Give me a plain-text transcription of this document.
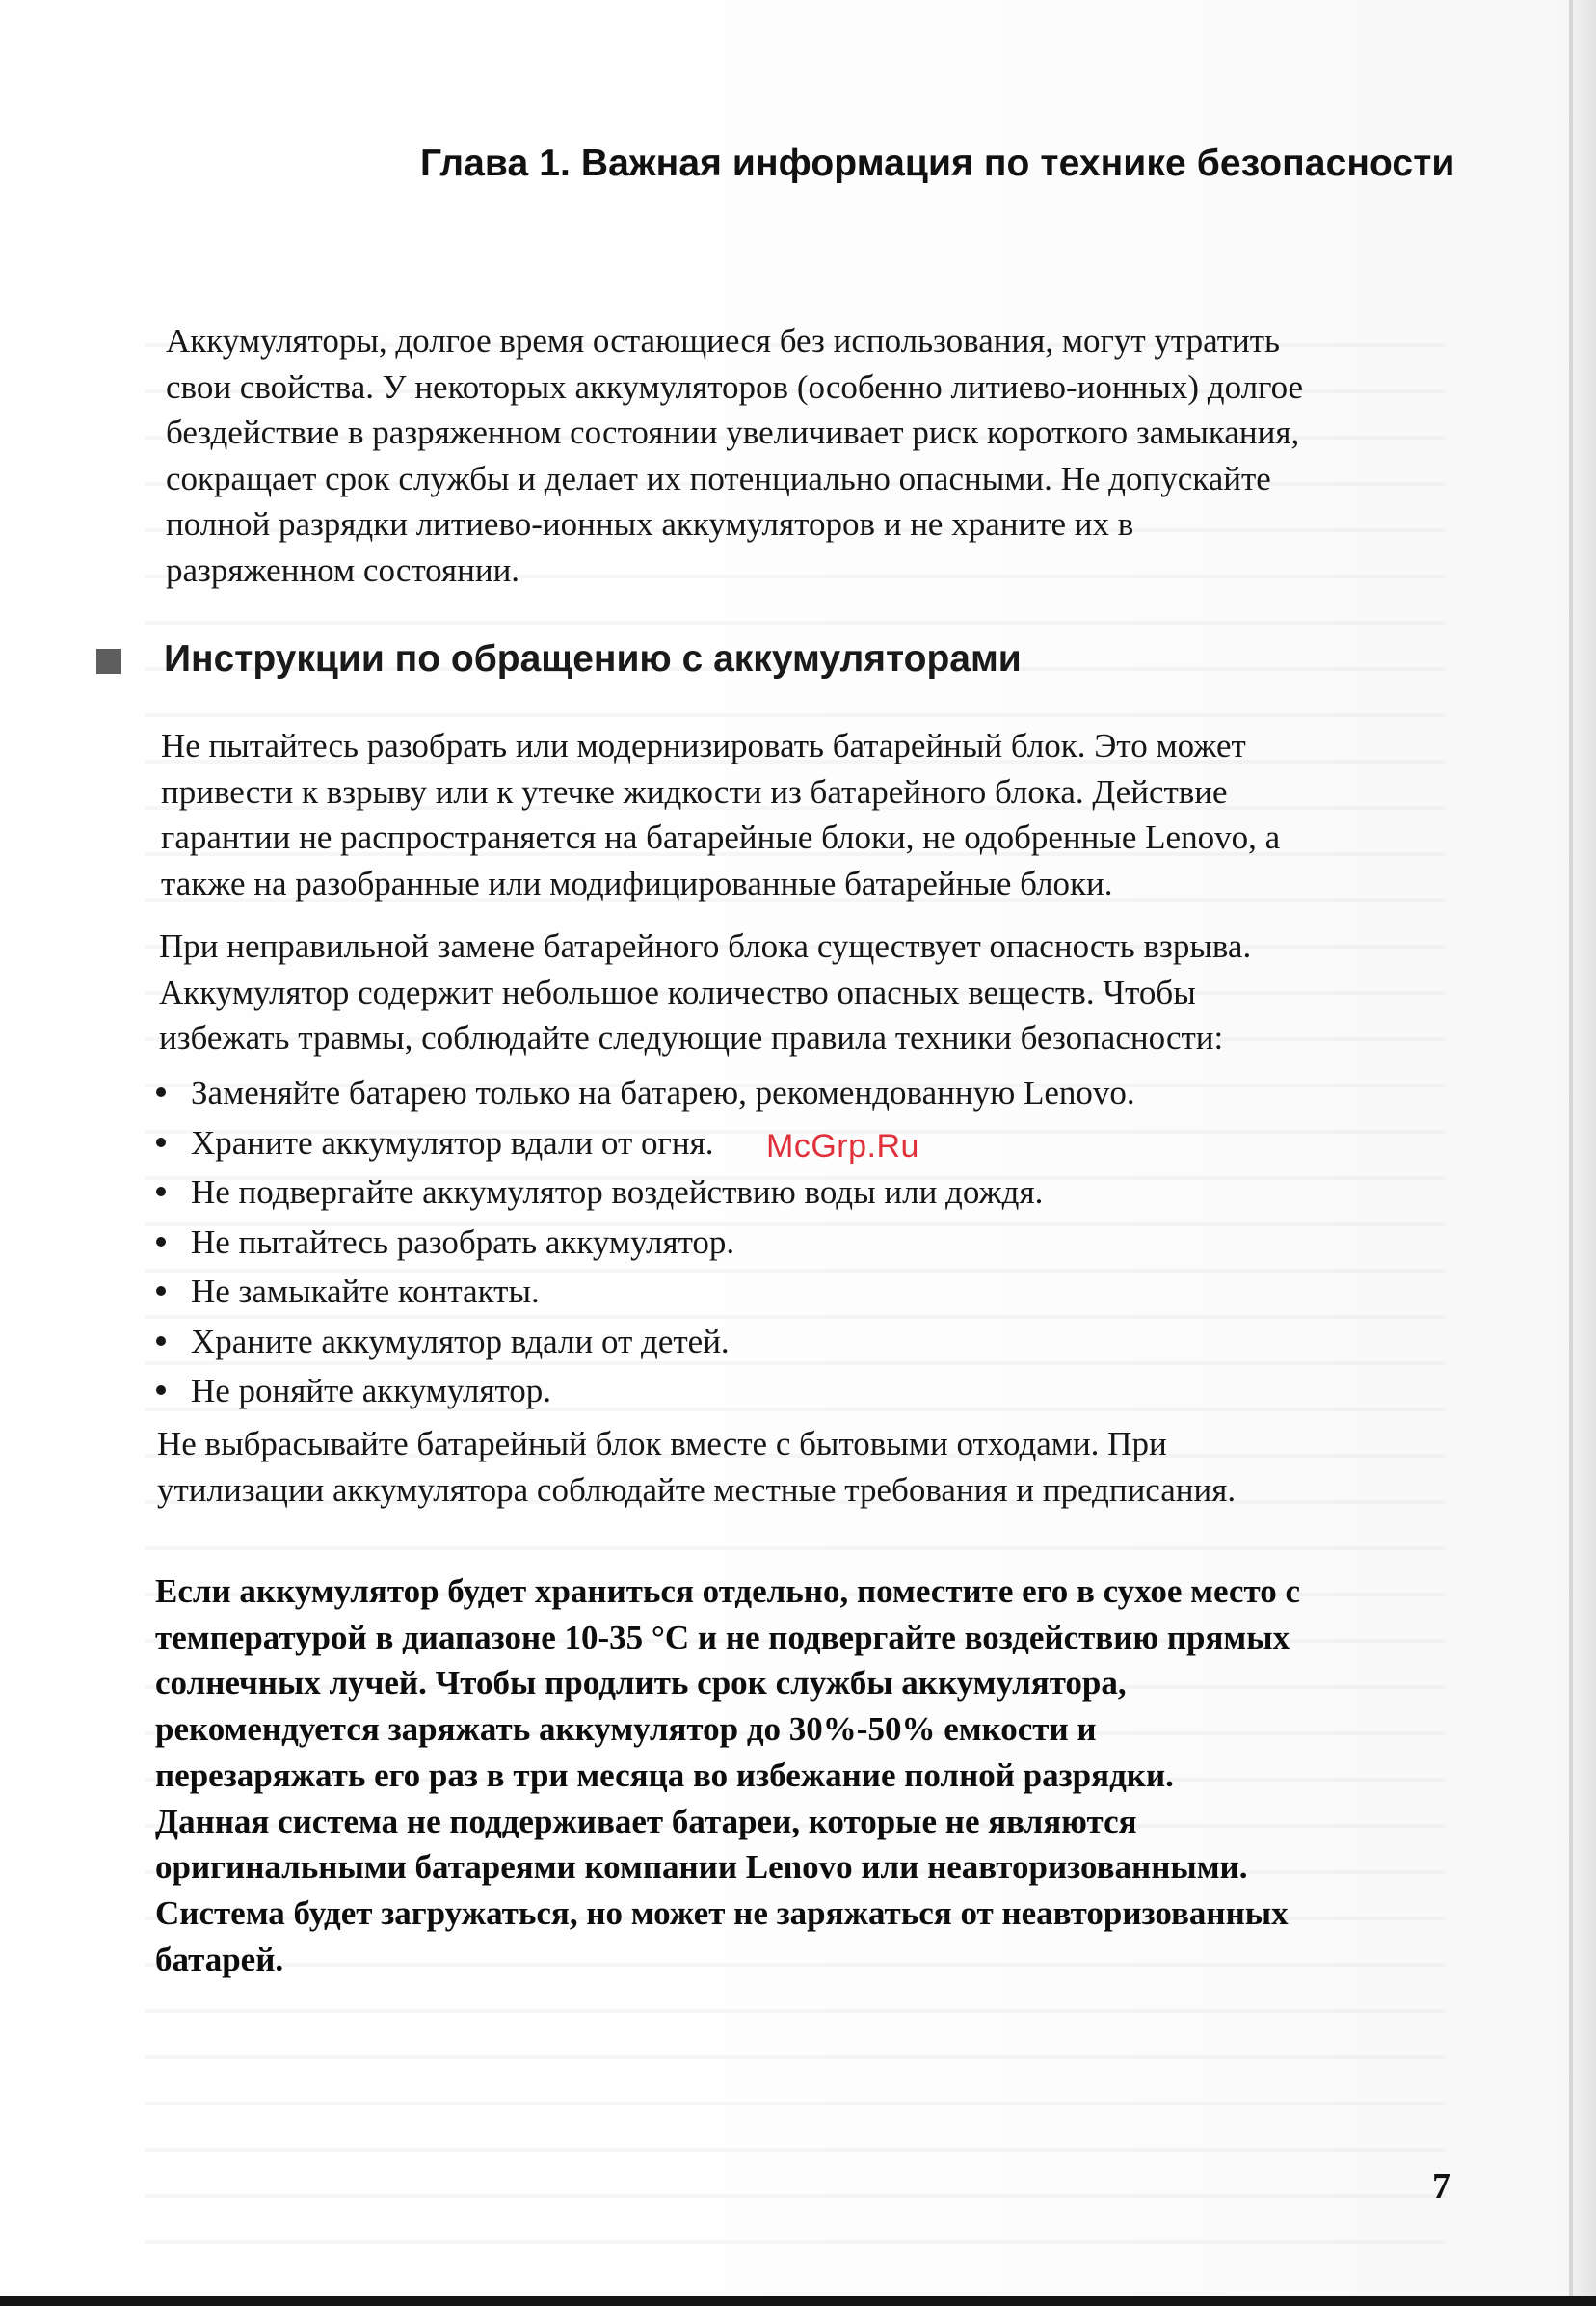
Глава 1. Важная информация по технике безопасности

Аккумуляторы, долгое время остающиеся без использования, могут утратить
свои свойства. У некоторых аккумуляторов (особенно литиево-ионных) долгое
бездействие в разряженном состоянии увеличивает риск короткого замыкания,
сокращает срок службы и делает их потенциально опасными. Не допускайте
полной разрядки литиево-ионных аккумуляторов и не храните их в
разряженном состоянии.

Инструкции по обращению с аккумуляторами

Не пытайтесь разобрать или модернизировать батарейный блок. Это может
привести к взрыву или к утечке жидкости из батарейного блока. Действие
гарантии не распространяется на батарейные блоки, не одобренные Lenovo, а
также на разобранные или модифицированные батарейные блоки.

При неправильной замене батарейного блока существует опасность взрыва.
Аккумулятор содержит небольшое количество опасных веществ. Чтобы
избежать травмы, соблюдайте следующие правила техники безопасности:

Заменяйте батарею только на батарею, рекомендованную Lenovo.
Храните аккумулятор вдали от огня.
Не подвергайте аккумулятор воздействию воды или дождя.
Не пытайтесь разобрать аккумулятор.
Не замыкайте контакты.
Храните аккумулятор вдали от детей.
Не роняйте аккумулятор.

Не выбрасывайте батарейный блок вместе с бытовыми отходами. При
утилизации аккумулятора соблюдайте местные требования и предписания.

Если аккумулятор будет храниться отдельно, поместите его в сухое место с
температурой в диапазоне 10-35 °C и не подвергайте воздействию прямых
солнечных лучей. Чтобы продлить срок службы аккумулятора,
рекомендуется заряжать аккумулятор до 30%-50% емкости и
перезаряжать его раз в три месяца во избежание полной разрядки.
Данная система не поддерживает батареи, которые не являются
оригинальными батареями компании Lenovo или неавторизованными.
Система будет загружаться, но может не заряжаться от неавторизованных
батарей.

McGrp.Ru
7
